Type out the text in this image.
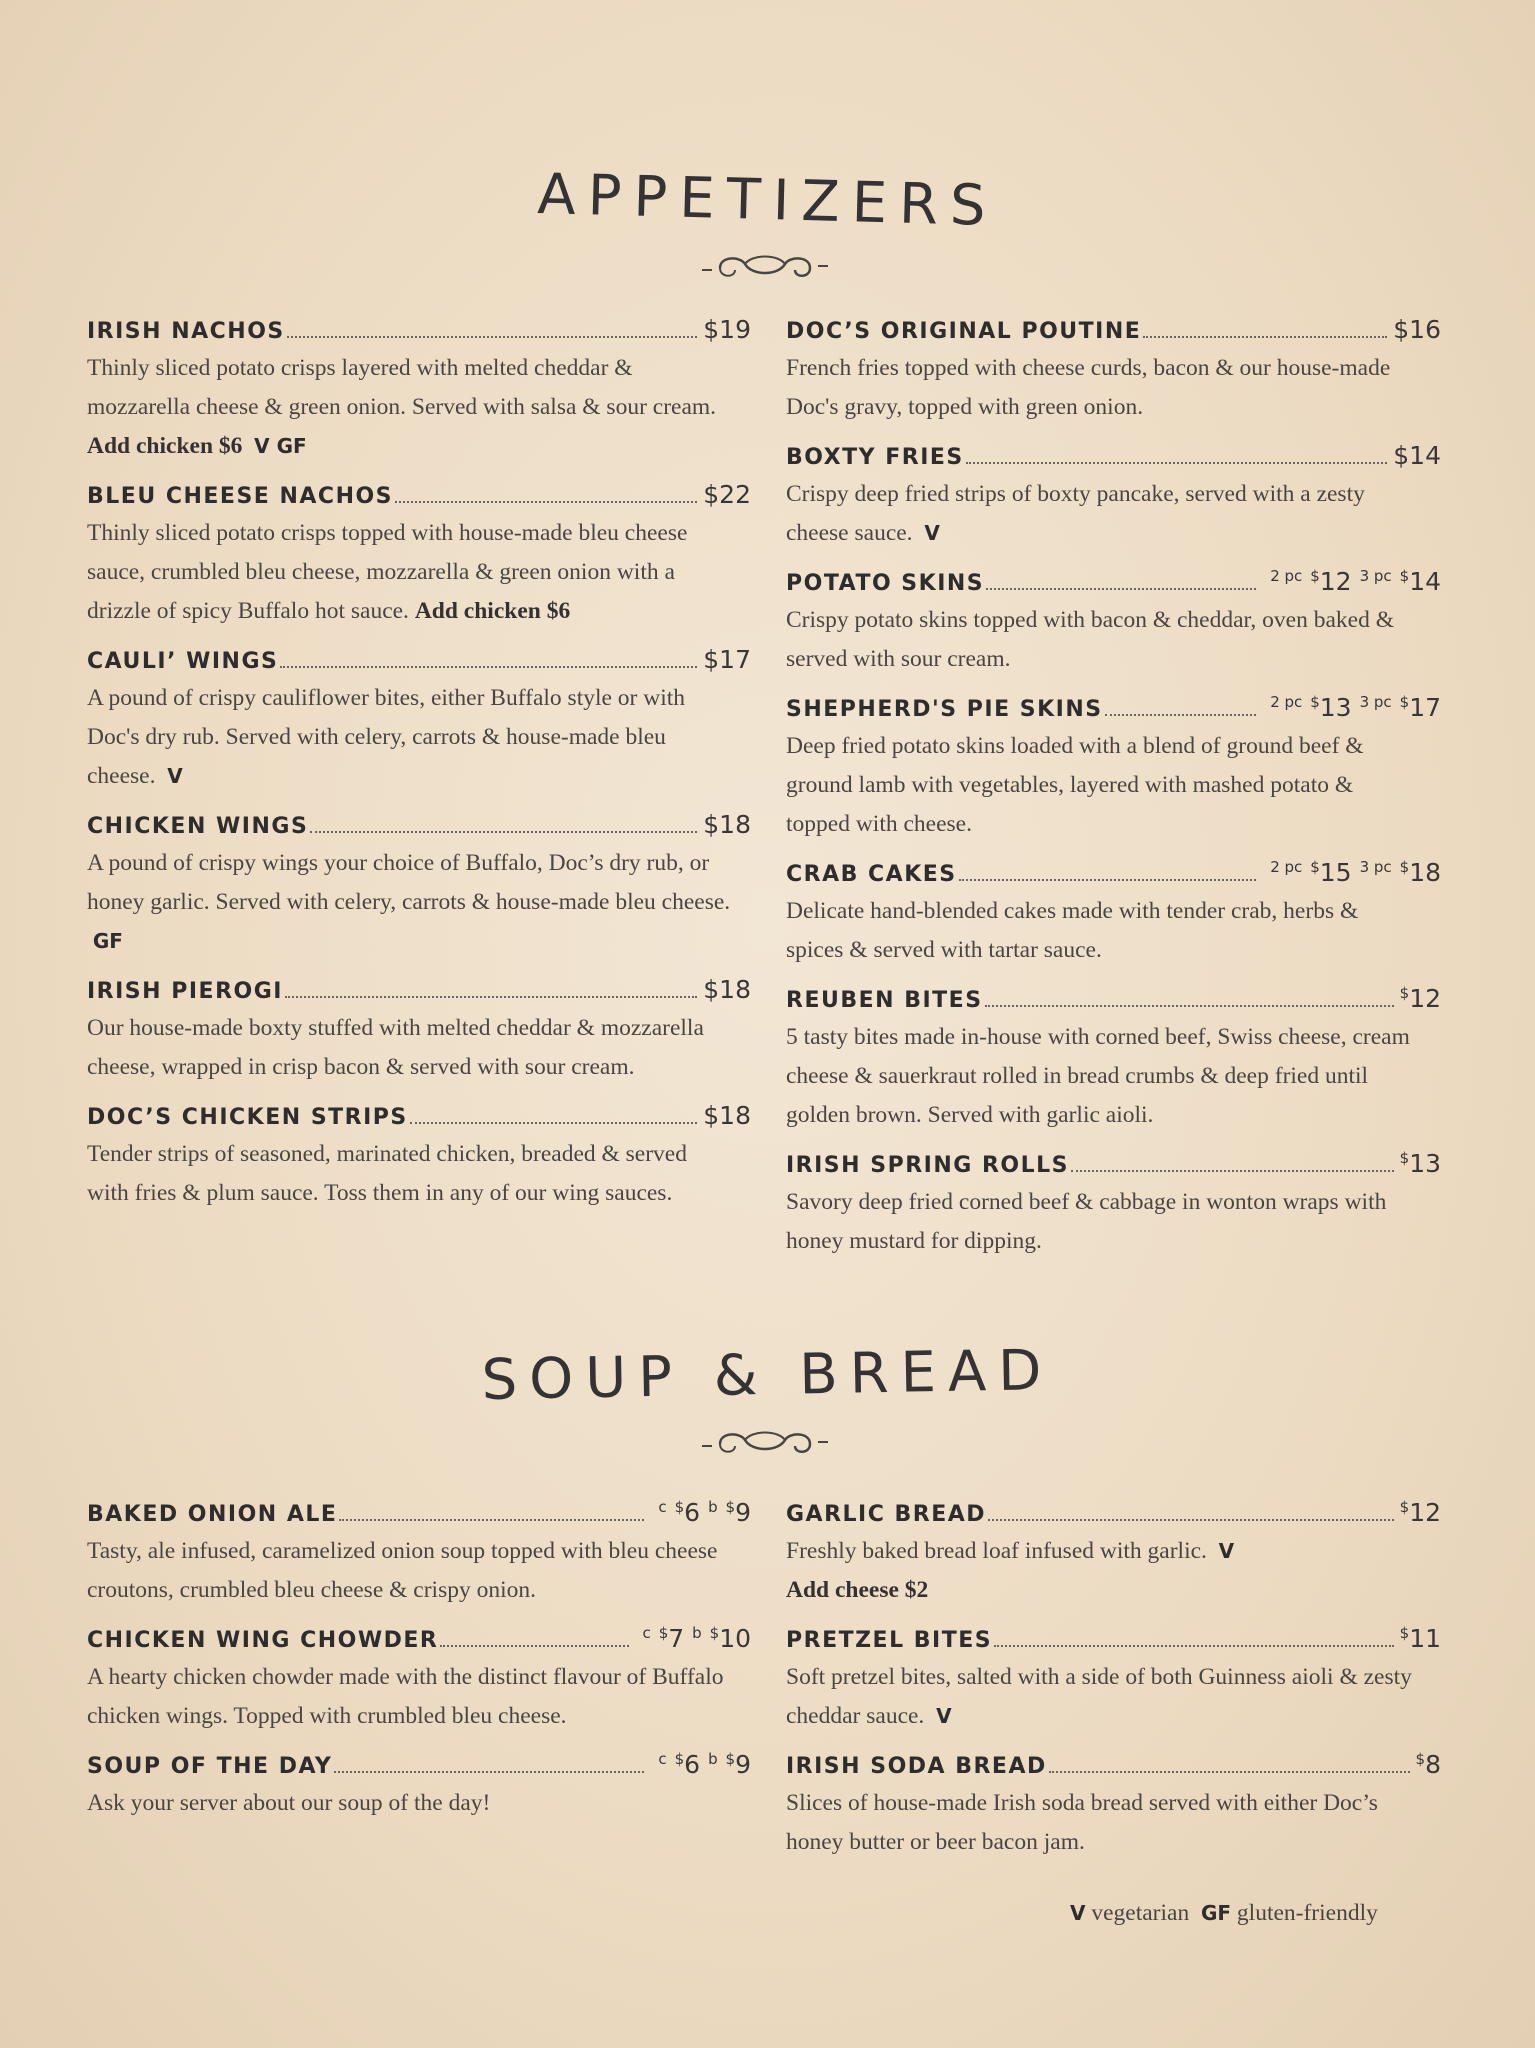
APPETIZERS
IRISH NACHOS	$19

Thinly sliced potato crisps layered with melted cheddar & mozzarella cheese & green onion. Served with salsa & sour cream. Add chicken $6 V GF

BLEU CHEESE NACHOS	$22

Thinly sliced potato crisps topped with house-made bleu cheese sauce, crumbled bleu cheese, mozzarella & green onion with a drizzle of spicy Buffalo hot sauce. Add chicken $6

CAULI’ WINGS	$17

A pound of crispy cauliflower bites, either Buffalo style or with Doc's dry rub. Served with celery, carrots & house-made bleu cheese.  V

CHICKEN WINGS	$18

A pound of crispy wings your choice of Buffalo, Doc’s dry rub, or honey garlic. Served with celery, carrots & house-made bleu cheese.  GF

IRISH PIEROGI	$18

Our house-made boxty stuffed with melted cheddar & mozzarella cheese, wrapped in crisp bacon & served with sour cream.

DOC’S CHICKEN STRIPS	$18

Tender strips of seasoned, marinated chicken, breaded & served with fries & plum sauce. Toss them in any of our wing sauces.

DOC’S ORIGINAL POUTINE	$16

French fries topped with cheese curds, bacon & our house-made Doc's gravy, topped with green onion.

BOXTY FRIES	$14

Crispy deep fried strips of boxty pancake, served with a zesty cheese sauce.  V

POTATO SKINS	$^{2 pc}$ $12 $^{3 pc}$ $14

Crispy potato skins topped with bacon & cheddar, oven baked & served with sour cream.

SHEPHERD'S PIE SKINS	$^{2 pc}$ $13 $^{3 pc}$ $17

Deep fried potato skins loaded with a blend of ground beef & ground lamb with vegetables, layered with mashed potato & topped with cheese.

CRAB CAKES	$^{2 pc}$ $15 $^{3 pc}$ $18

Delicate hand-blended cakes made with tender crab, herbs & spices & served with tartar sauce.

REUBEN BITES	$12

5 tasty bites made in-house with corned beef, Swiss cheese, cream cheese & sauerkraut rolled in bread crumbs & deep fried until golden brown. Served with garlic aioli.

IRISH SPRING ROLLS	$13

Savory deep fried corned beef & cabbage in wonton wraps with honey mustard for dipping.

SOUP & BREAD
BAKED ONION ALE	$^c$ $6 $^b$ $9

Tasty, ale infused, caramelized onion soup topped with bleu cheese croutons, crumbled bleu cheese & crispy onion.

CHICKEN WING CHOWDER	$^c$ $7 $^b$ $10

A hearty chicken chowder made with the distinct flavour of Buffalo chicken wings. Topped with crumbled bleu cheese.

SOUP OF THE DAY	$^c$ $6 $^b$ $9

Ask your server about our soup of the day!

GARLIC BREAD	$12

Freshly baked bread loaf infused with garlic.  V
Add cheese $2

PRETZEL BITES	$11

Soft pretzel bites, salted with a side of both Guinness aioli & zesty cheddar sauce.  V

IRISH SODA BREAD	$8

Slices of house-made Irish soda bread served with either Doc’s honey butter or beer bacon jam.

V vegetarian GF gluten-friendly
